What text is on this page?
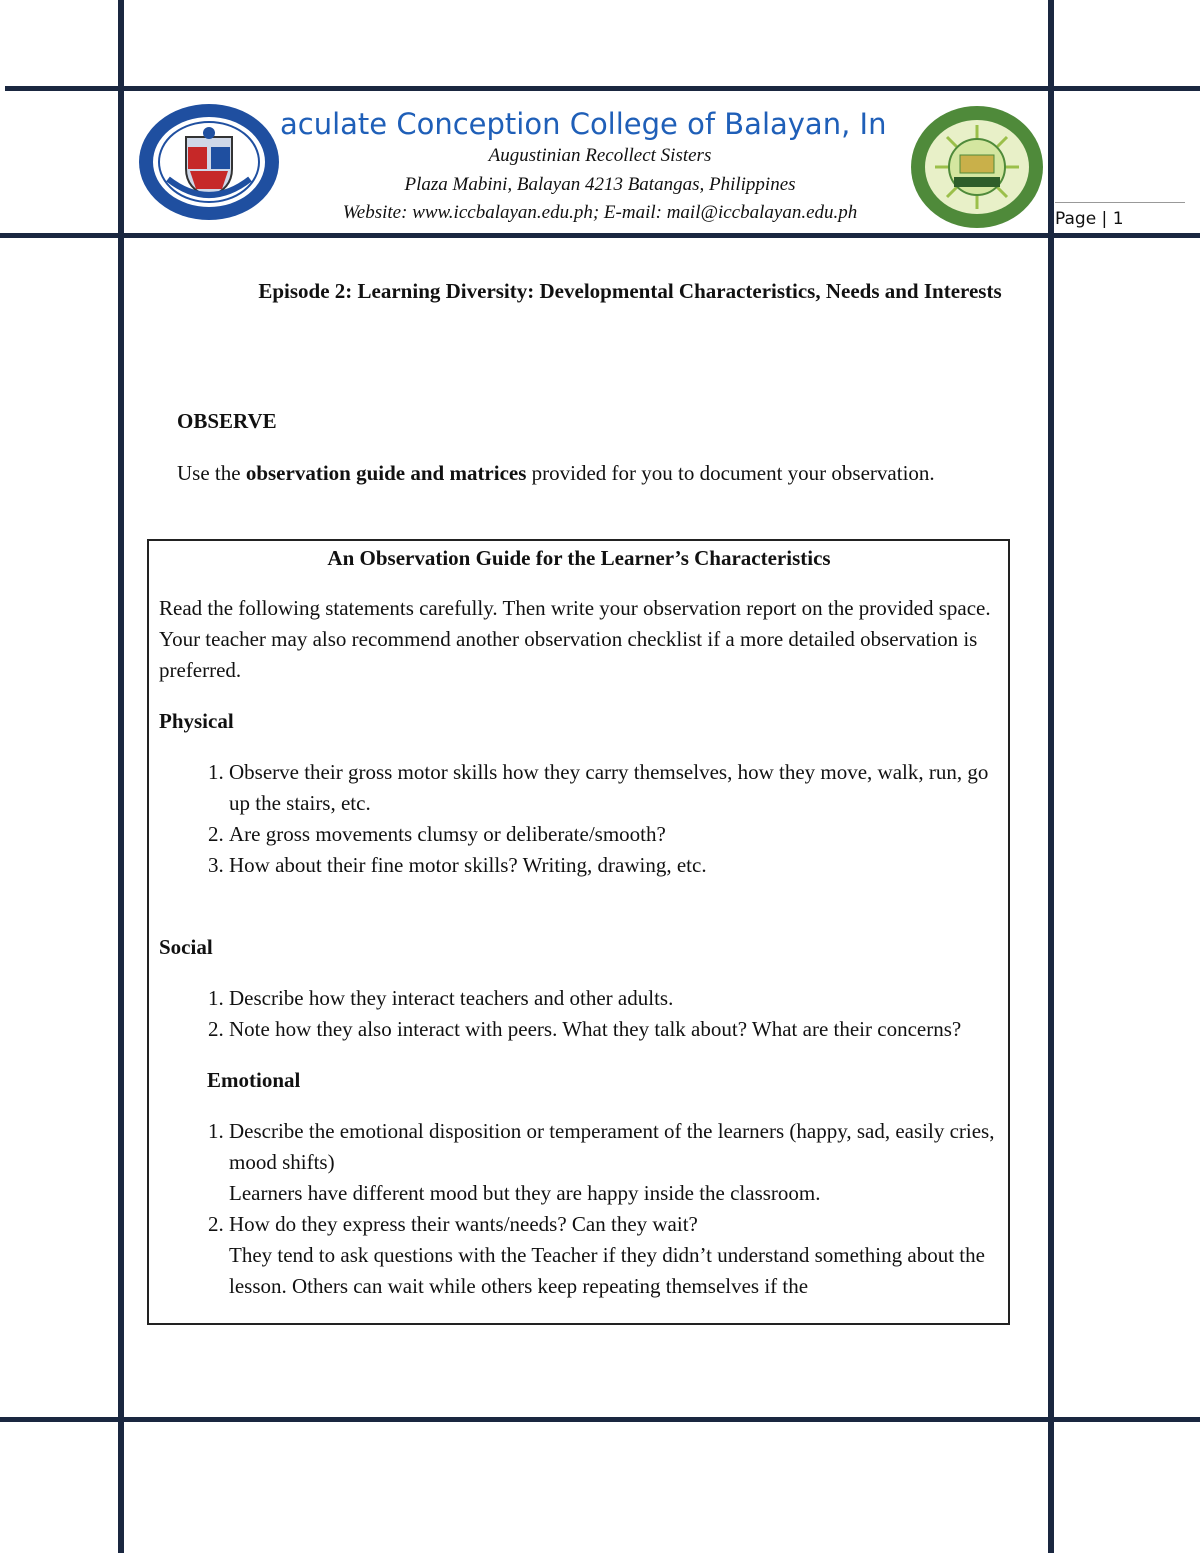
aculate Conception College of Balayan, In
Augustinian Recollect Sisters
Plaza Mabini, Balayan 4213 Batangas, Philippines
Website: www.iccbalayan.edu.ph; E-mail: mail@iccbalayan.edu.ph	Page | 1
Episode 2: Learning Diversity: Developmental Characteristics, Needs and Interests
OBSERVE
Use the observation guide and matrices provided for you to document your observation.
An Observation Guide for the Learner’s Characteristics

Read the following statements carefully. Then write your observation report on the provided space. Your teacher may also recommend another observation checklist if a more detailed observation is preferred.

Physical
1. Observe their gross motor skills how they carry themselves, how they move, walk, run, go up the stairs, etc.
2. Are gross movements clumsy or deliberate/smooth?
3. How about their fine motor skills? Writing, drawing, etc.
Social
1. Describe how they interact teachers and other adults.
2. Note how they also interact with peers. What they talk about? What are their concerns?
Emotional
1. Describe the emotional disposition or temperament of the learners (happy, sad, easily cries, mood shifts)
Learners have different mood but they are happy inside the classroom.
2. How do they express their wants/needs? Can they wait?
They tend to ask questions with the Teacher if they didn’t understand something about the lesson. Others can wait while others keep repeating themselves if the
